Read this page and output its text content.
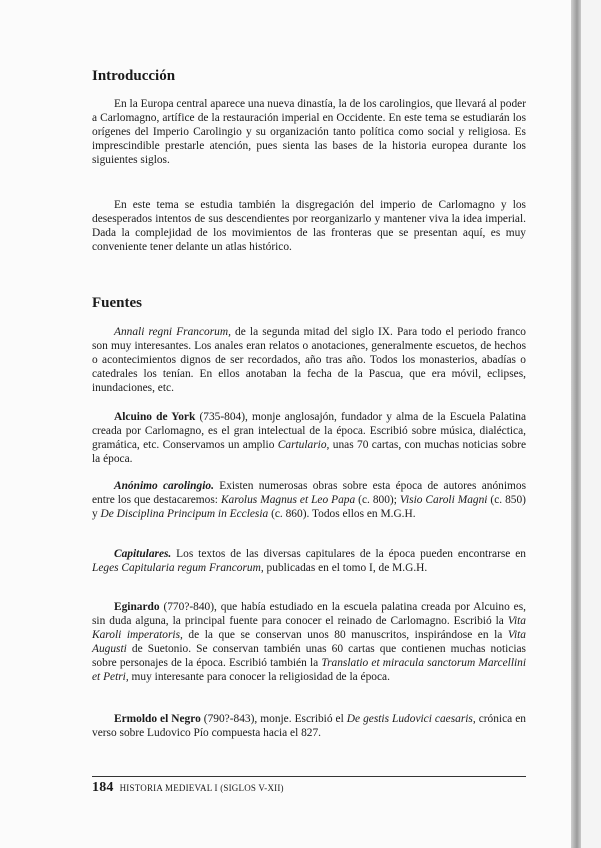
Introducción

En la Europa central aparece una nueva dinastía, la de los carolingios, que llevará al poder a Carlomagno, artífice de la restauración imperial en Occidente. En este tema se estudiarán los orígenes del Imperio Carolingio y su organización tanto política como social y religiosa. Es imprescindible prestarle atención, pues sienta las bases de la historia europea durante los siguientes siglos.

En este tema se estudia también la disgregación del imperio de Carlomagno y los desesperados intentos de sus descendientes por reorganizarlo y mantener viva la idea imperial. Dada la complejidad de los movimientos de las fronteras que se presentan aquí, es muy conveniente tener delante un atlas histórico.

Fuentes

Annali regni Francorum, de la segunda mitad del siglo IX. Para todo el periodo franco son muy interesantes. Los anales eran relatos o anotaciones, generalmente escuetos, de hechos o acontecimientos dignos de ser recordados, año tras año. Todos los monasterios, abadías o catedrales los tenían. En ellos anotaban la fecha de la Pascua, que era móvil, eclipses, inundaciones, etc.

Alcuino de York (735-804), monje anglosajón, fundador y alma de la Escuela Palatina creada por Carlomagno, es el gran intelectual de la época. Escribió sobre música, dialéctica, gramática, etc. Conservamos un amplio Cartulario, unas 70 cartas, con muchas noticias sobre la época.

Anónimo carolingio. Existen numerosas obras sobre esta época de autores anónimos entre los que destacaremos: Karolus Magnus et Leo Papa (c. 800); Visio Caroli Magni (c. 850) y De Disciplina Principum in Ecclesia (c. 860). Todos ellos en M.G.H.

Capitulares. Los textos de las diversas capitulares de la época pueden encontrarse en Leges Capitularia regum Francorum, publicadas en el tomo I, de M.G.H.

Eginardo (770?-840), que había estudiado en la escuela palatina creada por Alcuino es, sin duda alguna, la principal fuente para conocer el reinado de Carlomagno. Escribió la Vita Karoli imperatoris, de la que se conservan unos 80 manuscritos, inspirándose en la Vita Augusti de Suetonio. Se conservan también unas 60 cartas que contienen muchas noticias sobre personajes de la época. Escribió también la Translatio et miracula sanctorum Marcellini et Petri, muy interesante para conocer la religiosidad de la época.

Ermoldo el Negro (790?-843), monje. Escribió el De gestis Ludovici caesaris, crónica en verso sobre Ludovico Pío compuesta hacia el 827.

184 HISTORIA MEDIEVAL I (SIGLOS V-XII)
